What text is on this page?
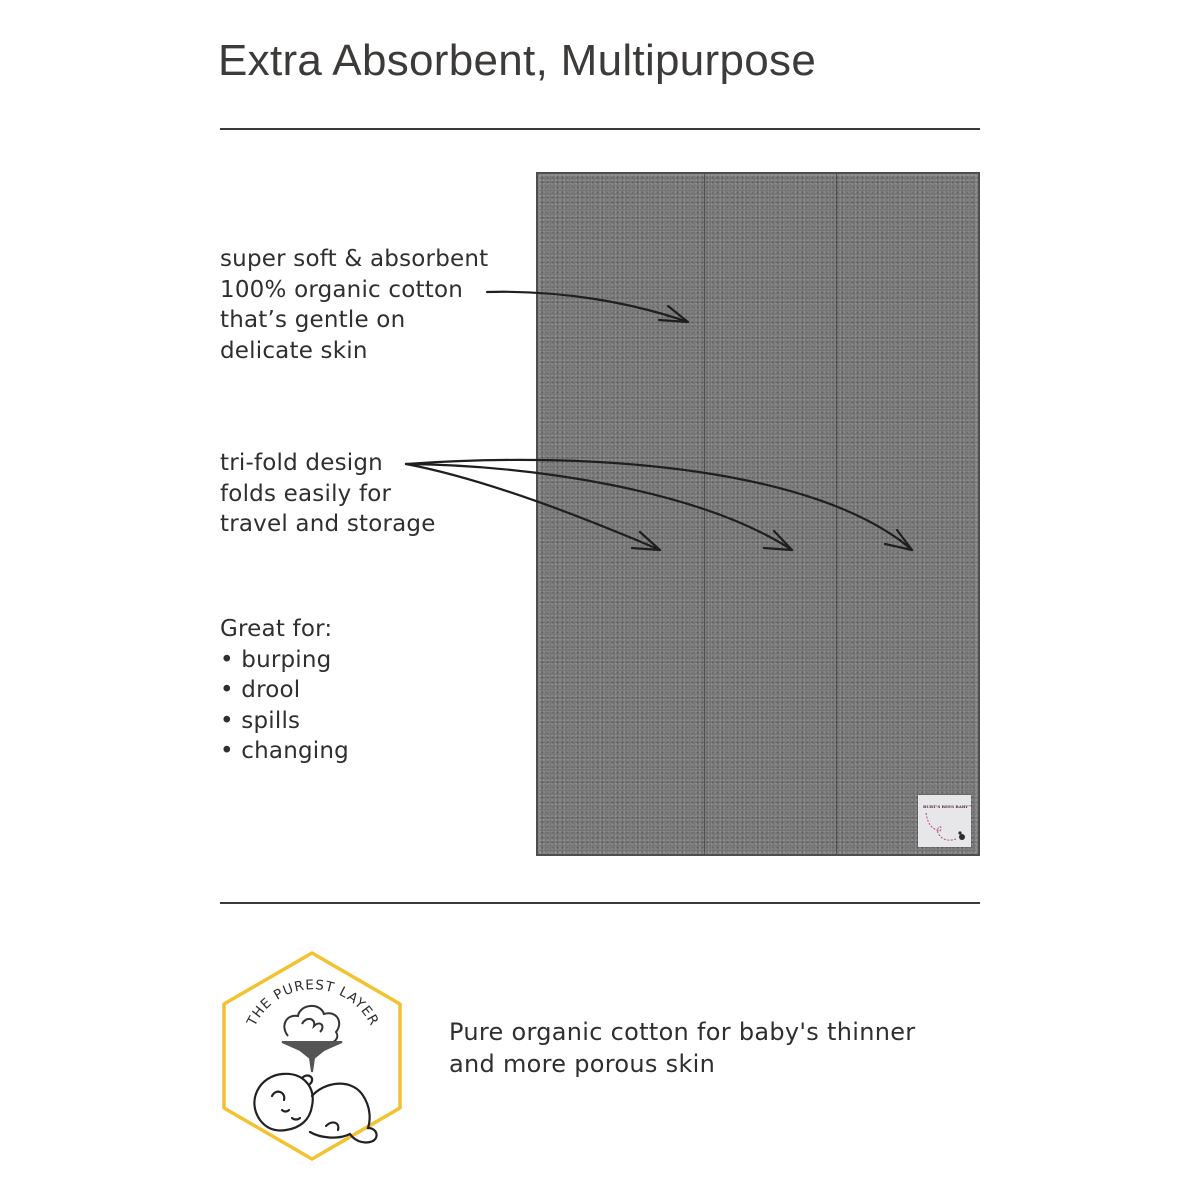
Extra Absorbent, Multipurpose
BURT'S BEES BABY™
super soft & absorbent
100% organic cotton
that’s gentle on
delicate skin
tri-fold design
folds easily for
travel and storage
Great for:
• burping
• drool
• spills
• changing
THE PUREST LAYER	Pure organic cotton for baby's thinner
and more porous skin
